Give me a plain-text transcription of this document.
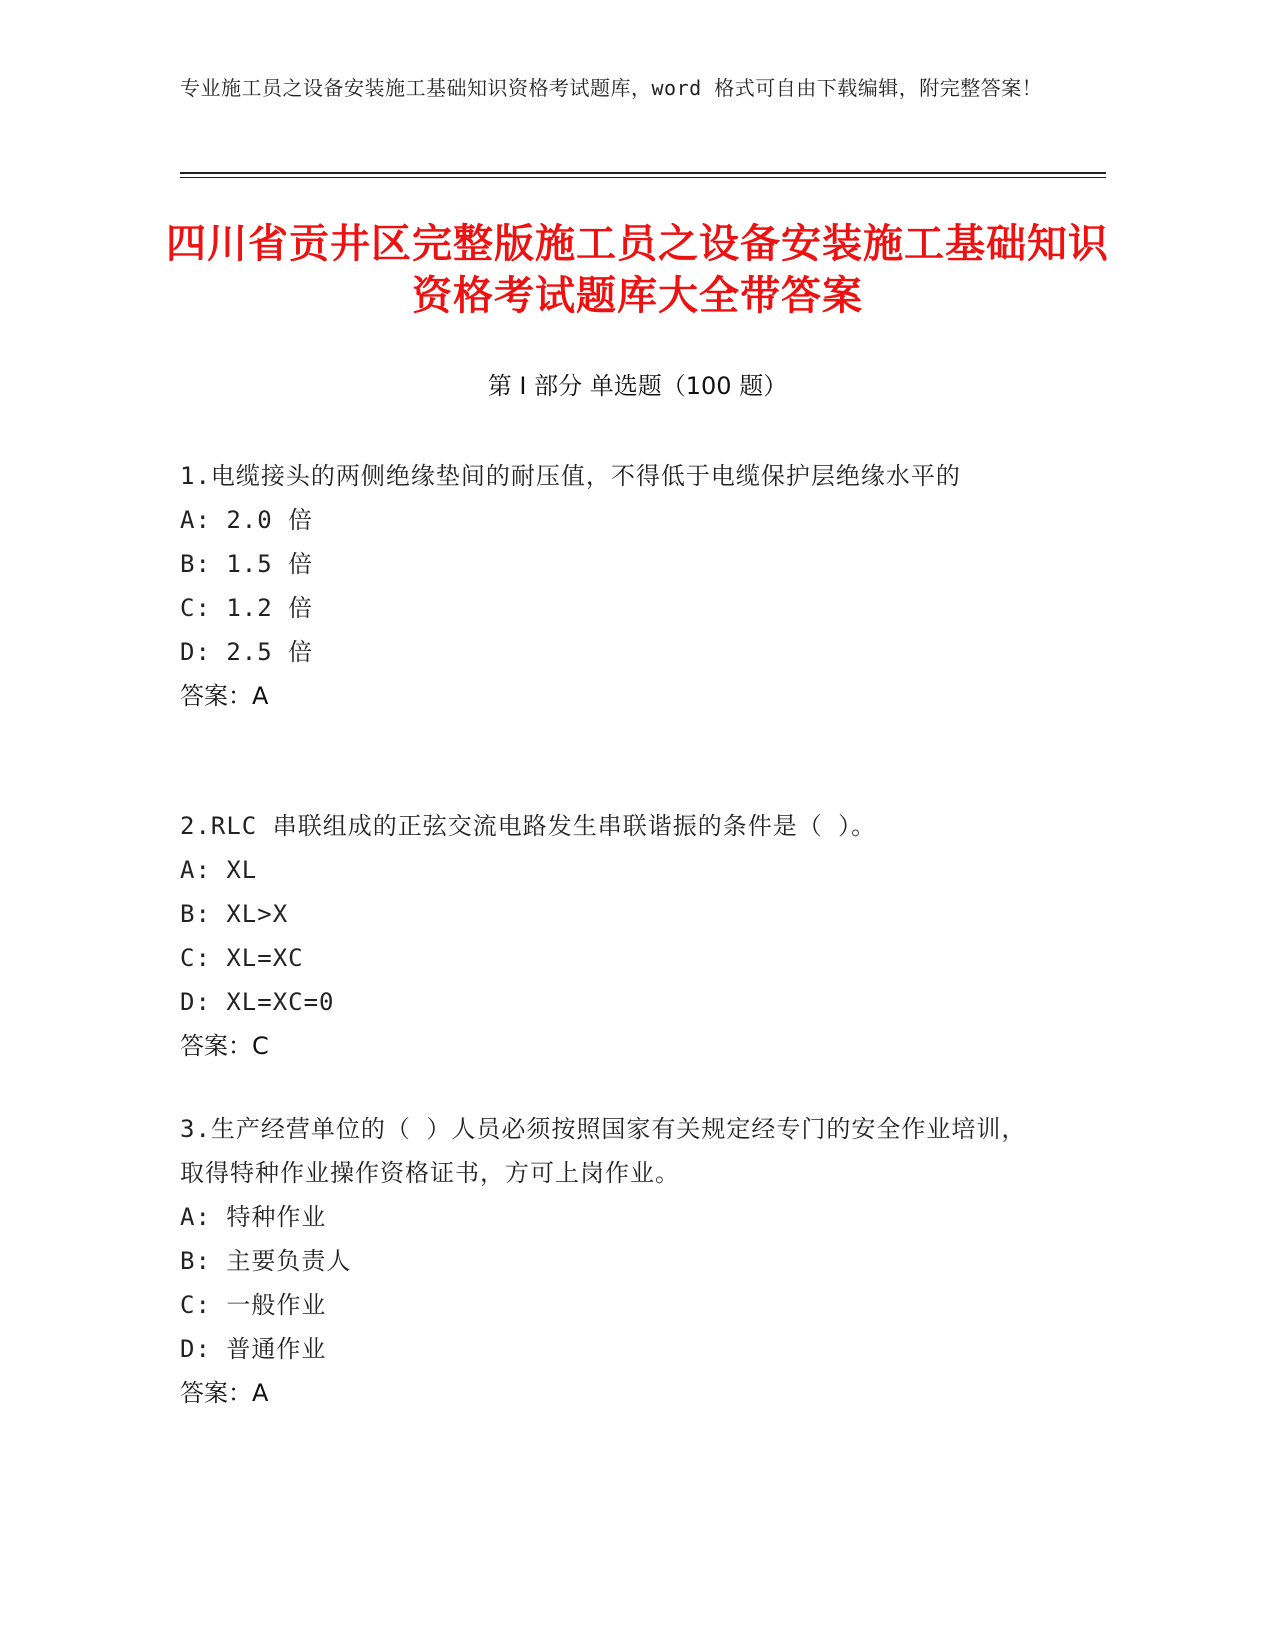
专业施工员之设备安装施工基础知识资格考试题库，word 格式可自由下载编辑，附完整答案！
四川省贡井区完整版施工员之设备安装施工基础知识资格考试题库大全带答案
第 I 部分 单选题（100 题）
1.电缆接头的两侧绝缘垫间的耐压值，不得低于电缆保护层绝缘水平的
A: 2.0 倍
B: 1.5 倍
C: 1.2 倍
D: 2.5 倍
答案：A
2.RLC 串联组成的正弦交流电路发生串联谐振的条件是（ ）。
A: XL
B: XL>X
C: XL=XC
D: XL=XC=0
答案：C
3.生产经营单位的（ ）人员必须按照国家有关规定经专门的安全作业培训，取得特种作业操作资格证书，方可上岗作业。
A: 特种作业
B: 主要负责人
C: 一般作业
D: 普通作业
答案：A
